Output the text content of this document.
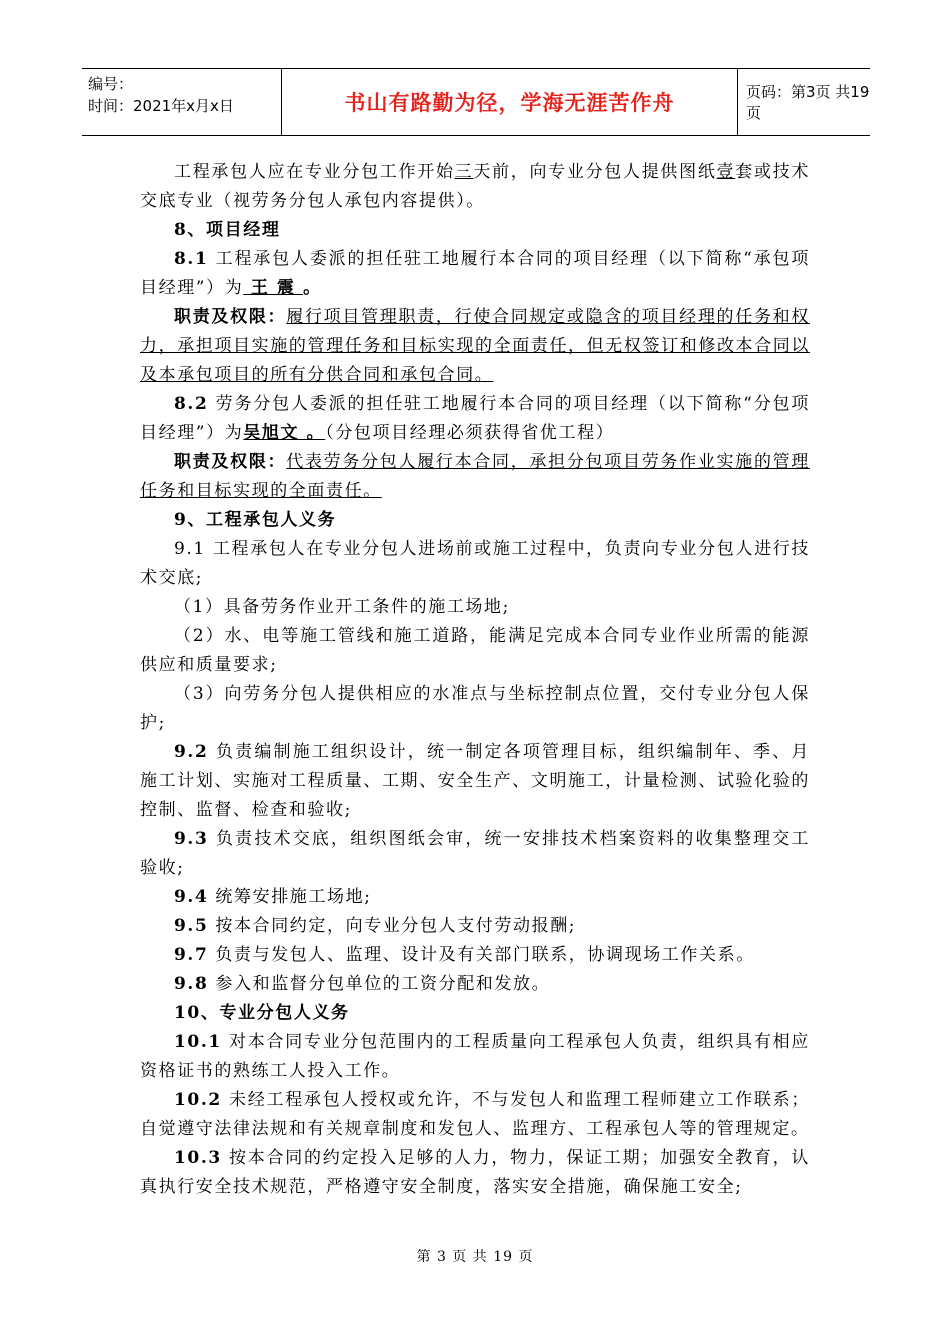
编号：
时间：2021年x月x日	书山有路勤为径，学海无涯苦作舟	页码：第3页 共19页

工程承包人应在专业分包工作开始三天前，向专业分包人提供图纸壹套或技术交底专业（视劳务分包人承包内容提供）。

8、项目经理

8.1 工程承包人委派的担任驻工地履行本合同的项目经理（以下简称“承包项目经理”）为 王 震 。

职责及权限：履行项目管理职责，行使合同规定或隐含的项目经理的任务和权力，承担项目实施的管理任务和目标实现的全面责任，但无权签订和修改本合同以及本承包项目的所有分供合同和承包合同。

8.2 劳务分包人委派的担任驻工地履行本合同的项目经理（以下简称“分包项目经理”）为吴旭文 。（分包项目经理必须获得省优工程）

职责及权限：代表劳务分包人履行本合同，承担分包项目劳务作业实施的管理任务和目标实现的全面责任。

9、工程承包人义务

9.1 工程承包人在专业分包人进场前或施工过程中，负责向专业分包人进行技术交底;

（1）具备劳务作业开工条件的施工场地;

（2）水、电等施工管线和施工道路，能满足完成本合同专业作业所需的能源供应和质量要求;

（3）向劳务分包人提供相应的水准点与坐标控制点位置，交付专业分包人保护;

9.2 负责编制施工组织设计，统一制定各项管理目标，组织编制年、季、月施工计划、实施对工程质量、工期、安全生产、文明施工，计量检测、试验化验的控制、监督、检查和验收;

9.3 负责技术交底，组织图纸会审，统一安排技术档案资料的收集整理交工验收;

9.4 统筹安排施工场地;

9.5 按本合同约定，向专业分包人支付劳动报酬;

9.7 负责与发包人、监理、设计及有关部门联系，协调现场工作关系。

9.8 参入和监督分包单位的工资分配和发放。

10、专业分包人义务

10.1 对本合同专业分包范围内的工程质量向工程承包人负责，组织具有相应资格证书的熟练工人投入工作。

10.2 未经工程承包人授权或允许，不与发包人和监理工程师建立工作联系；自觉遵守法律法规和有关规章制度和发包人、监理方、工程承包人等的管理规定。

10.3 按本合同的约定投入足够的人力，物力，保证工期；加强安全教育，认真执行安全技术规范，严格遵守安全制度，落实安全措施，确保施工安全;

第 3 页 共 19 页
